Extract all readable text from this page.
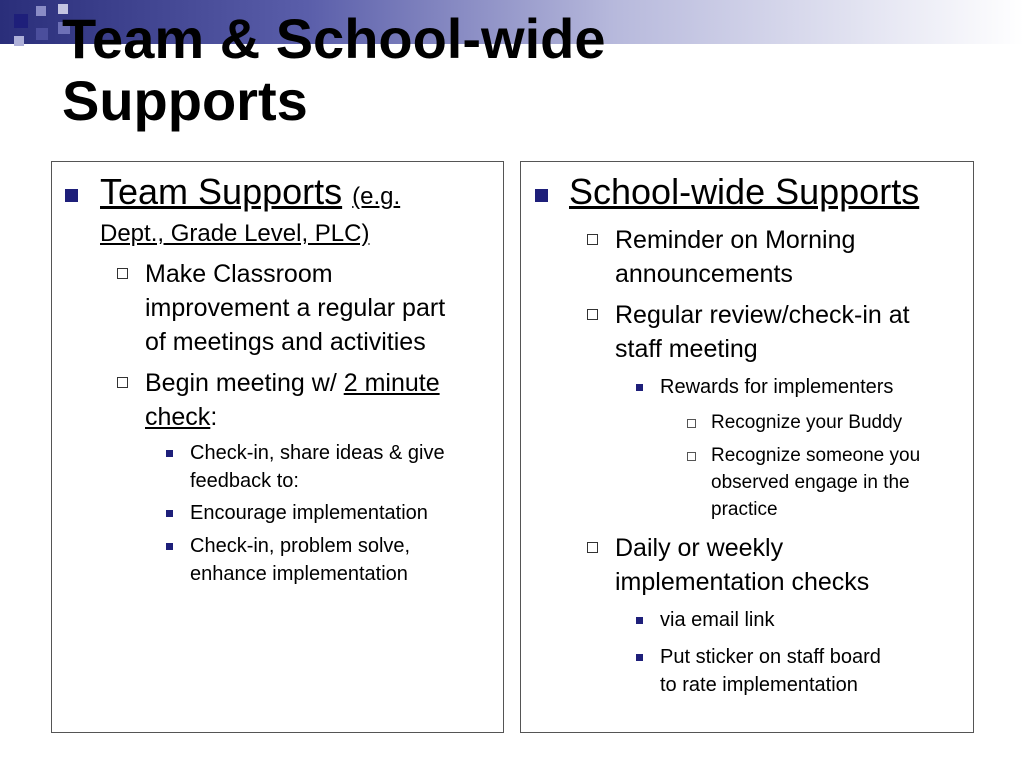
Team & School-wide
Supports
Team Supports (e.g.
Dept., Grade Level, PLC)
Make Classroom
improvement a regular part
of meetings and activities
Begin meeting w/ 2 minute
check:
Check-in, share ideas & give
feedback to:
Encourage implementation
Check-in, problem solve,
enhance implementation
School-wide Supports
Reminder on Morning
announcements
Regular review/check-in at
staff meeting
Rewards for implementers
Recognize your Buddy
Recognize someone you
observed engage in the
practice
Daily or weekly
implementation checks
via email link
Put sticker on staff board
to rate implementation
